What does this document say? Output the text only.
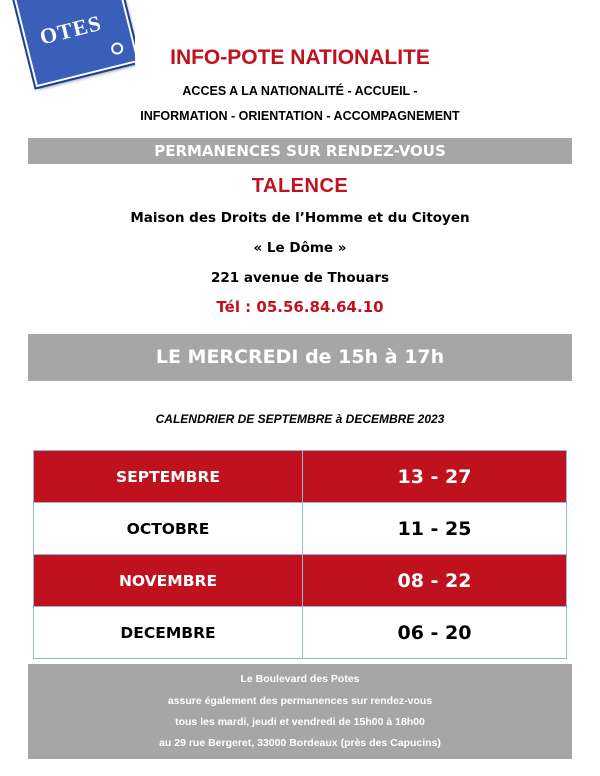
OTES
INFO-POTE NATIONALITE
ACCES A LA NATIONALITÉ - ACCUEIL -
INFORMATION - ORIENTATION - ACCOMPAGNEMENT
PERMANENCES SUR RENDEZ-VOUS
TALENCE
Maison des Droits de l’Homme et du Citoyen
« Le Dôme »
221 avenue de Thouars
Tél : 05.56.84.64.10
LE MERCREDI de 15h à 17h
CALENDRIER DE SEPTEMBRE à DECEMBRE 2023
SEPTEMBRE	13 - 27
OCTOBRE	11 - 25
NOVEMBRE	08 - 22
DECEMBRE	06 - 20
Le Boulevard des Potes
assure également des permanences sur rendez-vous
tous les mardi, jeudi et vendredi de 15h00 à 18h00
au 29 rue Bergeret, 33000 Bordeaux (près des Capucins)
